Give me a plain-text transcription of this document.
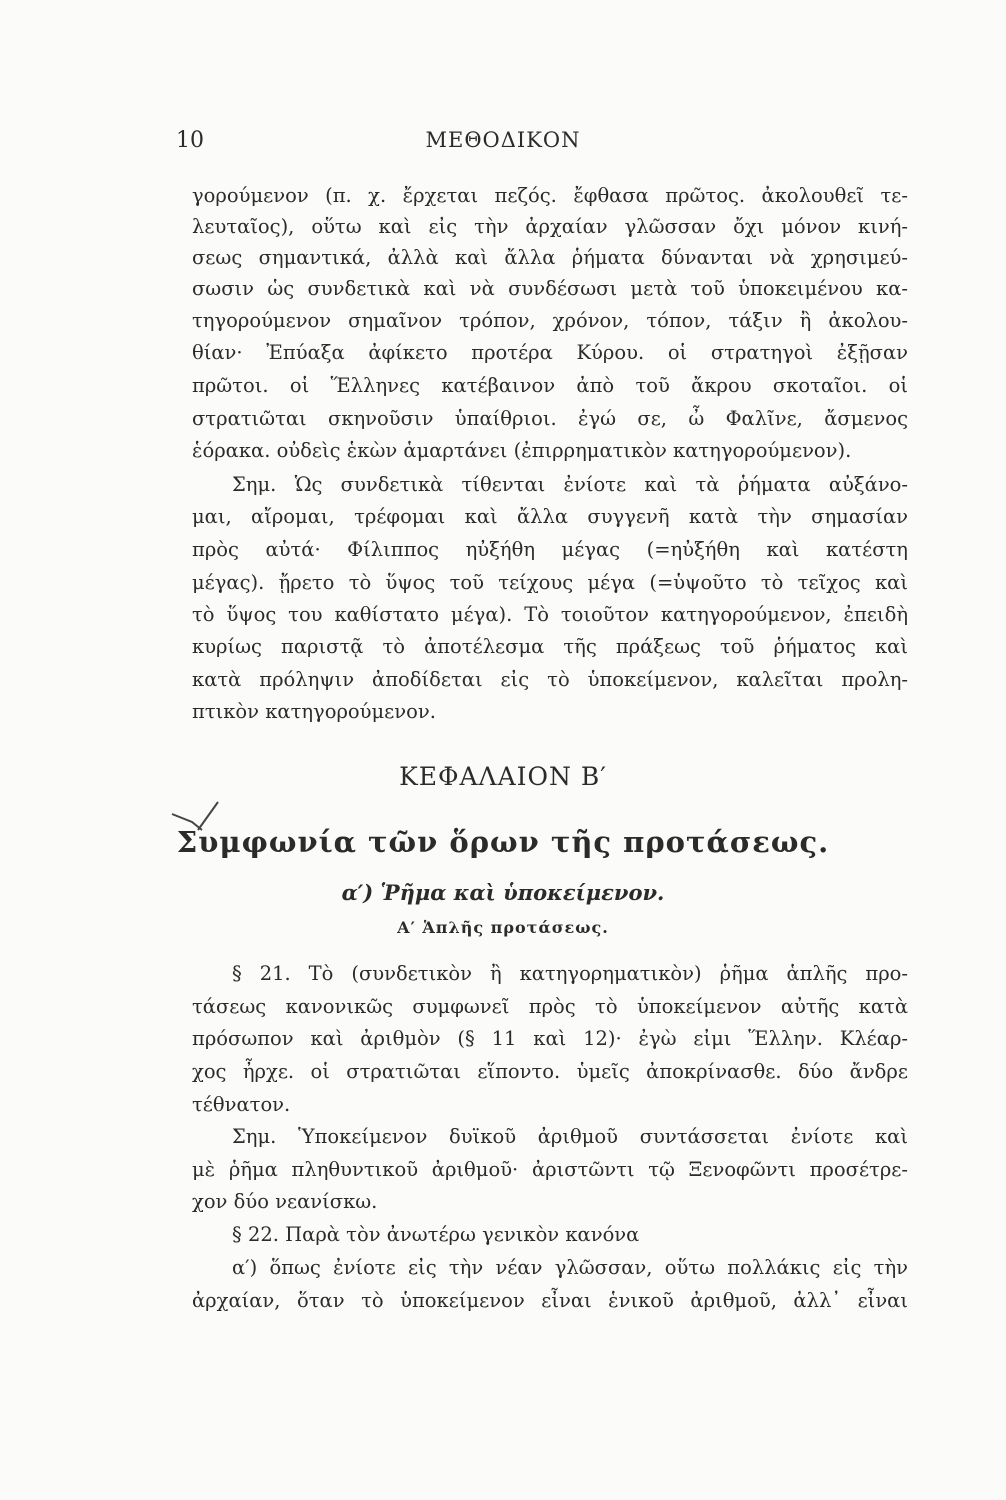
10	ΜΕΘΟΔΙΚΟΝ
γορούμενον (π. χ. ἔρχεται πεζός. ἔφθασα πρῶτος. ἀκολουθεῖ τε-
λευταῖος), οὕτω καὶ εἰς τὴν ἀρχαίαν γλῶσσαν ὄχι μόνον κινή-
σεως σημαντικά, ἀλλὰ καὶ ἄλλα ῥήματα δύνανται νὰ χρησιμεύ-
σωσιν ὡς συνδετικὰ καὶ νὰ συνδέσωσι μετὰ τοῦ ὑποκειμένου κα-
τηγορούμενον σημαῖνον τρόπον, χρόνον, τόπον, τάξιν ἢ ἀκολου-
θίαν· Ἐπύαξα ἀφίκετο προτέρα Κύρου. οἱ στρατηγοὶ ἐξῇσαν
πρῶτοι. οἱ Ἕλληνες κατέβαινον ἀπὸ τοῦ ἄκρου σκοταῖοι. οἱ
στρατιῶται σκηνοῦσιν ὑπαίθριοι. ἐγώ σε, ὦ Φαλῖνε, ἄσμενος
ἑόρακα. οὐδεὶς ἑκὼν ἁμαρτάνει (ἐπιρρηματικὸν κατηγορούμενον).
Σημ. Ὡς συνδετικὰ τίθενται ἐνίοτε καὶ τὰ ῥήματα αὐξάνο-
μαι, αἴρομαι, τρέφομαι καὶ ἄλλα συγγενῆ κατὰ τὴν σημασίαν
πρὸς αὐτά· Φίλιππος ηὐξήθη μέγας (=ηὐξήθη καὶ κατέστη
μέγας). ᾔρετο τὸ ὕψος τοῦ τείχους μέγα (=ὑψοῦτο τὸ τεῖχος καὶ
τὸ ὕψος του καθίστατο μέγα). Τὸ τοιοῦτον κατηγορούμενον, ἐπειδὴ
κυρίως παριστᾷ τὸ ἀποτέλεσμα τῆς πράξεως τοῦ ῥήματος καὶ
κατὰ πρόληψιν ἀποδίδεται εἰς τὸ ὑποκείμενον, καλεῖται προλη-
πτικὸν κατηγορούμενον.
ΚΕΦΑΛΑΙΟΝ Β′
Συμφωνία τῶν ὅρων τῆς προτάσεως.
α′) Ῥῆμα καὶ ὑποκείμενον.
Α′ Ἁπλῆς προτάσεως.
§ 21. Τὸ (συνδετικὸν ἢ κατηγορηματικὸν) ῥῆμα ἁπλῆς προ-
τάσεως κανονικῶς συμφωνεῖ πρὸς τὸ ὑποκείμενον αὐτῆς κατὰ
πρόσωπον καὶ ἀριθμὸν (§ 11 καὶ 12)· ἐγὼ εἰμι Ἕλλην. Κλέαρ-
χος ἦρχε. οἱ στρατιῶται εἵποντο. ὑμεῖς ἀποκρίνασθε. δύο ἄνδρε
τέθνατον.
Σημ. Ὑποκείμενον δυϊκοῦ ἀριθμοῦ συντάσσεται ἐνίοτε καὶ
μὲ ῥῆμα πληθυντικοῦ ἀριθμοῦ· ἀριστῶντι τῷ Ξενοφῶντι προσέτρε-
χον δύο νεανίσκω.
§ 22. Παρὰ τὸν ἀνωτέρω γενικὸν κανόνα
α′) ὅπως ἐνίοτε εἰς τὴν νέαν γλῶσσαν, οὕτω πολλάκις εἰς τὴν
ἀρχαίαν, ὅταν τὸ ὑποκείμενον εἶναι ἑνικοῦ ἀριθμοῦ, ἀλλ᾽ εἶναι
